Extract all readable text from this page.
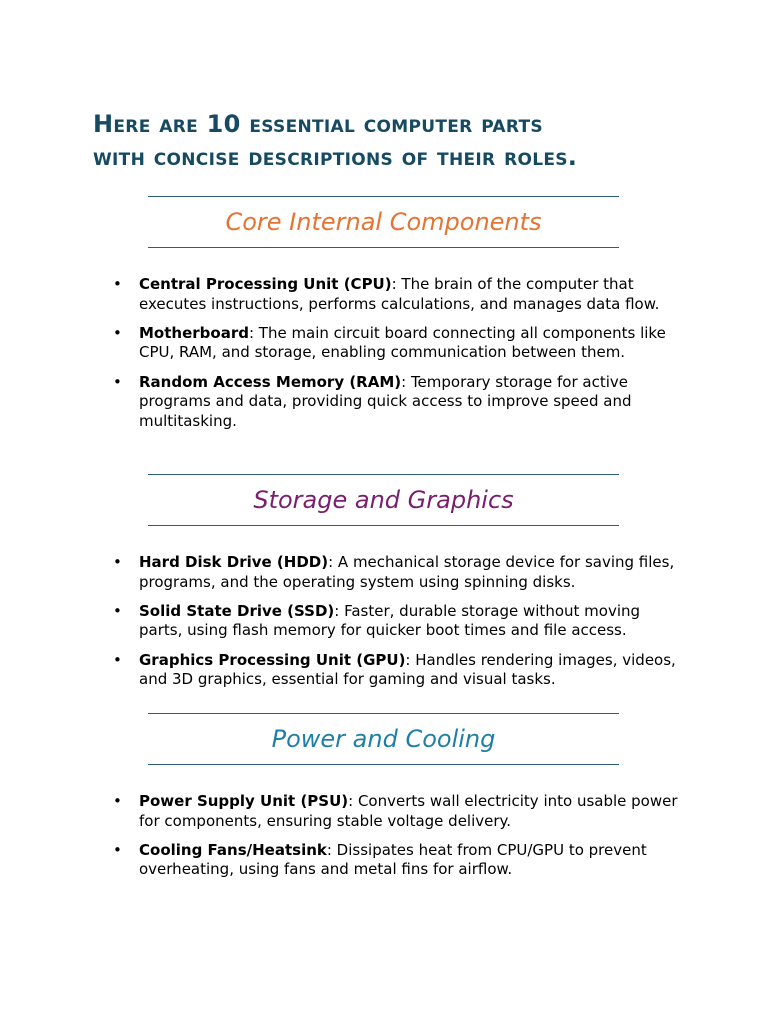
Here are 10 essential computer parts
with concise descriptions of their roles.
Core Internal Components
• Central Processing Unit (CPU): The brain of the computer that executes instructions, performs calculations, and manages data flow.
• Motherboard: The main circuit board connecting all components like CPU, RAM, and storage, enabling communication between them.
• Random Access Memory (RAM): Temporary storage for active programs and data, providing quick access to improve speed and multitasking.
Storage and Graphics
• Hard Disk Drive (HDD): A mechanical storage device for saving files, programs, and the operating system using spinning disks.
• Solid State Drive (SSD): Faster, durable storage without moving parts, using flash memory for quicker boot times and file access.
• Graphics Processing Unit (GPU): Handles rendering images, videos, and 3D graphics, essential for gaming and visual tasks.
Power and Cooling
• Power Supply Unit (PSU): Converts wall electricity into usable power for components, ensuring stable voltage delivery.
• Cooling Fans/Heatsink: Dissipates heat from CPU/GPU to prevent overheating, using fans and metal fins for airflow.
